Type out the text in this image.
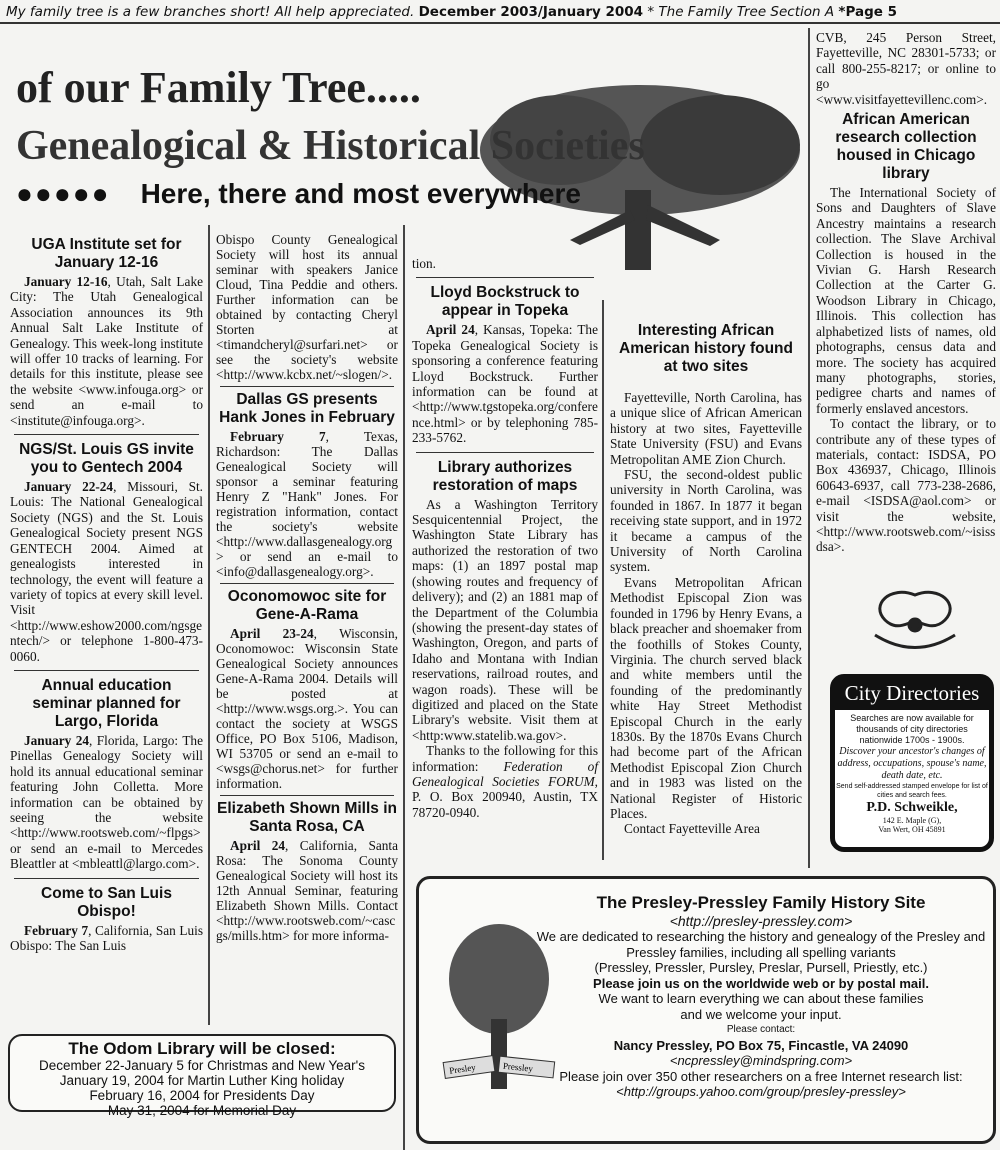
My family tree is a few branches short! All help appreciated. December 2003/January 2004 * The Family Tree Section A *Page 5
of our Family Tree.....
Genealogical & Historical Societies
●●●●● Here, there and most everywhere
UGA Institute set for January 12-16

January 12-16, Utah, Salt Lake City: The Utah Genealogical Association announces its 9th Annual Salt Lake Institute of Genealogy. This week-long institute will offer 10 tracks of learning. For details for this institute, please see the website <www.infouga.org> or send an e-mail to <institute@infouga.org>.

NGS/St. Louis GS invite you to Gentech 2004

January 22-24, Missouri, St. Louis: The National Genealogical Society (NGS) and the St. Louis Genealogical Society present NGS GENTECH 2004. Aimed at genealogists interested in technology, the event will feature a variety of topics at every skill level. Visit <http://www.eshow2000.com/ngsgentech/> or telephone 1-800-473-0060.

Annual education seminar planned for Largo, Florida

January 24, Florida, Largo: The Pinellas Genealogy Society will hold its annual educational seminar featuring John Colletta. More information can be obtained by seeing the website <http://www.rootsweb.com/~flpgs> or send an e-mail to Mercedes Bleattler at <mbleattl@largo.com>.

Come to San Luis Obispo!

February 7, California, San Luis Obispo: The San Luis

Obispo County Genealogical Society will host its annual seminar with speakers Janice Cloud, Tina Peddie and others. Further information can be obtained by contacting Cheryl Storten at <timandcheryl@surfari.net> or see the society's website <http://www.kcbx.net/~slogen/>.
Dallas GS presents Hank Jones in February

February 7, Texas, Richardson: The Dallas Genealogical Society will sponsor a seminar featuring Henry Z "Hank" Jones. For registration information, contact the society's website <http://www.dallasgenealogy.org> or send an e-mail to <info@dallasgenealogy.org>.

Oconomowoc site for Gene-A-Rama

April 23-24, Wisconsin, Oconomowoc: Wisconsin State Genealogical Society announces Gene-A-Rama 2004. Details will be posted at <http://www.wsgs.org.>. You can contact the society at WSGS Office, PO Box 5106, Madison, WI 53705 or send an e-mail to <wsgs@chorus.net> for further information.

Elizabeth Shown Mills in Santa Rosa, CA

April 24, California, Santa Rosa: The Sonoma County Genealogical Society will host its 12th Annual Seminar, featuring Elizabeth Shown Mills. Contact <http://www.rootsweb.com/~cascgs/mills.htm> for more informa-

tion.
Lloyd Bockstruck to appear in Topeka

April 24, Kansas, Topeka: The Topeka Genealogical Society is sponsoring a conference featuring Lloyd Bockstruck. Further information can be found at <http://www.tgstopeka.org/conference.html> or by telephoning 785-233-5762.

Library authorizes restoration of maps

As a Washington Territory Sesquicentennial Project, the Washington State Library has authorized the restoration of two maps: (1) an 1897 postal map (showing routes and frequency of delivery); and (2) an 1881 map of the Department of the Columbia (showing the present-day states of Washington, Oregon, and parts of Idaho and Montana with Indian reservations, railroad routes, and wagon roads). These will be digitized and placed on the State Library's website. Visit them at <http:www.statelib.wa.gov>.

Thanks to the following for this information: Federation of Genealogical Societies FORUM, P. O. Box 200940, Austin, TX 78720-0940.

Interesting African American history found at two sites

Fayetteville, North Carolina, has a unique slice of African American history at two sites, Fayetteville State University (FSU) and Evans Metropolitan AME Zion Church.

FSU, the second-oldest public university in North Carolina, was founded in 1867. In 1877 it began receiving state support, and in 1972 it became a campus of the University of North Carolina system.

Evans Metropolitan African Methodist Episcopal Zion was founded in 1796 by Henry Evans, a black preacher and shoemaker from the foothills of Stokes County, Virginia. The church served black and white members until the founding of the predominantly white Hay Street Methodist Episcopal Church in the early 1830s. By the 1870s Evans Church had become part of the African Methodist Episcopal Zion Church and in 1983 was listed on the National Register of Historic Places.

Contact Fayetteville Area

CVB, 245 Person Street, Fayetteville, NC 28301-5733; or call 800-255-8217; or online to go <www.visitfayettevillenc.com>.
African American research collection housed in Chicago library

The International Society of Sons and Daughters of Slave Ancestry maintains a research collection. The Slave Archival Collection is housed in the Vivian G. Harsh Research Collection at the Carter G. Woodson Library in Chicago, Illinois. This collection has alphabetized lists of names, old photographs, census data and more. The society has acquired many photographs, stories, pedigree charts and names of formerly enslaved ancestors.

To contact the library, or to contribute any of these types of materials, contact: ISDSA, PO Box 436937, Chicago, Illinois 60643-6937, call 773-238-2686, e-mail <ISDSA@aol.com> or visit the website, <http://www.rootsweb.com/~isissdsa>.

City Directories
Searches are now available for thousands of city directories nationwide 1700s - 1900s.
Discover your ancestor's changes of address, occupations, spouse's name, death date, etc.
Send self-addressed stamped envelope for list of cities and search fees.
P.D. Schweikle,
142 E. Maple (G),
Van Wert, OH 45891
The Odom Library will be closed:
December 22-January 5 for Christmas and New Year's
January 19, 2004 for Martin Luther King holiday
February 16, 2004 for Presidents Day
May 31, 2004 for Memorial Day
Presley	Pressley
The Presley-Pressley Family History Site
<http://presley-pressley.com>
We are dedicated to researching the history and genealogy of the Presley and Pressley families, including all spelling variants
(Pressley, Pressler, Pursley, Preslar, Pursell, Priestly, etc.)
Please join us on the worldwide web or by postal mail.
We want to learn everything we can about these families
and we welcome your input.
Please contact:
Nancy Pressley, PO Box 75, Fincastle, VA 24090
<ncpressley@mindspring.com>
Please join over 350 other researchers on a free Internet research list:
<http://groups.yahoo.com/group/presley-pressley>
